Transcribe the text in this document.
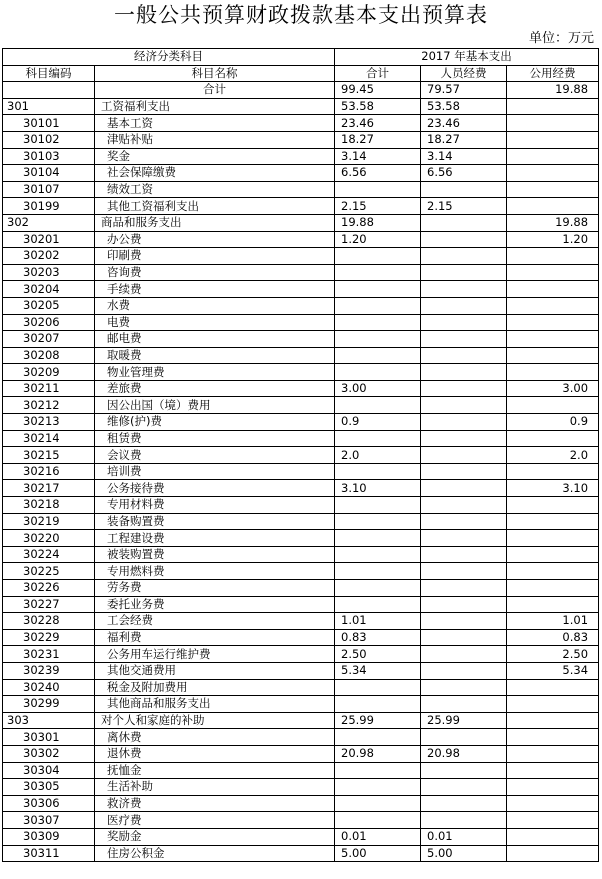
一般公共预算财政拨款基本支出预算表
单位：万元
经济分类科目		2017 年基本支出		
科目编码	科目名称	合计	人员经费	公用经费
	合计	99.45	79.57	19.88
301	工资福利支出	53.58	53.58	
30101	基本工资	23.46	23.46	
30102	津贴补贴	18.27	18.27	
30103	奖金	3.14	3.14	
30104	社会保障缴费	6.56	6.56	
30107	绩效工资			
30199	其他工资福利支出	2.15	2.15	
302	商品和服务支出	19.88		19.88
30201	办公费	1.20		1.20
30202	印刷费			
30203	咨询费			
30204	手续费			
30205	水费			
30206	电费			
30207	邮电费			
30208	取暖费			
30209	物业管理费			
30211	差旅费	3.00		3.00
30212	因公出国（境）费用			
30213	维修(护)费	0.9		0.9
30214	租赁费			
30215	会议费	2.0		2.0
30216	培训费			
30217	公务接待费	3.10		3.10
30218	专用材料费			
30219	装备购置费			
30220	工程建设费			
30224	被装购置费			
30225	专用燃料费			
30226	劳务费			
30227	委托业务费			
30228	工会经费	1.01		1.01
30229	福利费	0.83		0.83
30231	公务用车运行维护费	2.50		2.50
30239	其他交通费用	5.34		5.34
30240	税金及附加费用			
30299	其他商品和服务支出			
303	对个人和家庭的补助	25.99	25.99	
30301	离休费			
30302	退休费	20.98	20.98	
30304	抚恤金			
30305	生活补助			
30306	救济费			
30307	医疗费			
30309	奖励金	0.01	0.01	
30311	住房公积金	5.00	5.00	
